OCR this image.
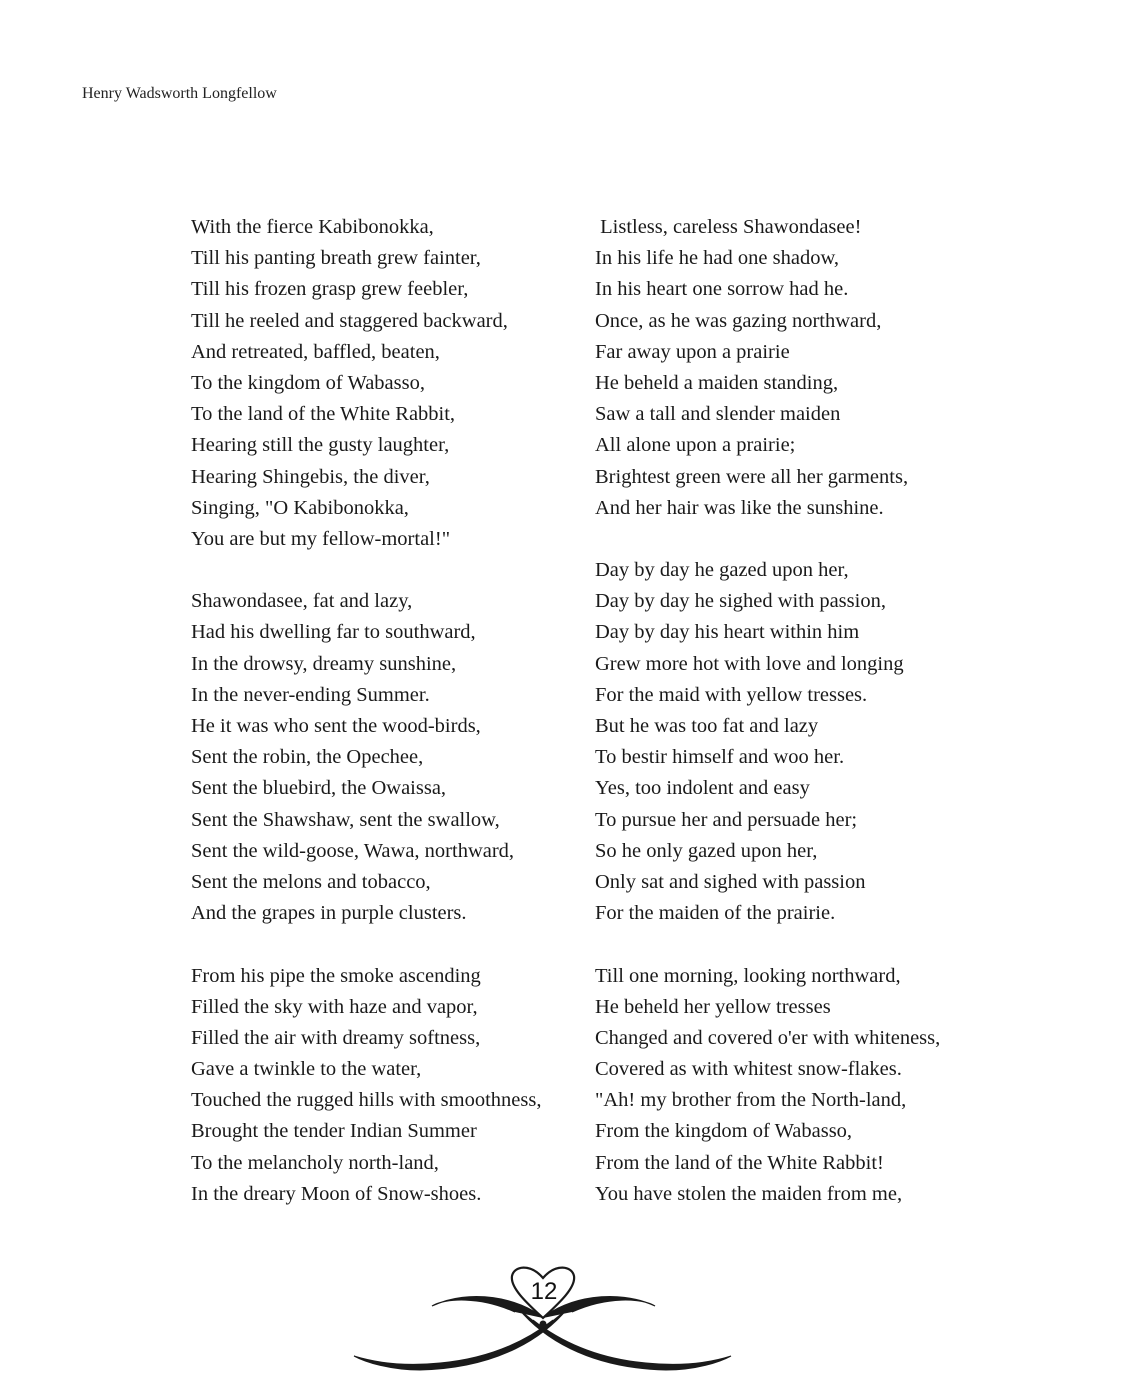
Henry Wadsworth Longfellow
With the fierce Kabibonokka,
Till his panting breath grew fainter,
Till his frozen grasp grew feebler,
Till he reeled and staggered backward,
And retreated, baffled, beaten,
To the kingdom of Wabasso,
To the land of the White Rabbit,
Hearing still the gusty laughter,
Hearing Shingebis, the diver,
Singing, "O Kabibonokka,
You are but my fellow-mortal!"
Shawondasee, fat and lazy,
Had his dwelling far to southward,
In the drowsy, dreamy sunshine,
In the never-ending Summer.
He it was who sent the wood-birds,
Sent the robin, the Opechee,
Sent the bluebird, the Owaissa,
Sent the Shawshaw, sent the swallow,
Sent the wild-goose, Wawa, northward,
Sent the melons and tobacco,
And the grapes in purple clusters.
From his pipe the smoke ascending
Filled the sky with haze and vapor,
Filled the air with dreamy softness,
Gave a twinkle to the water,
Touched the rugged hills with smoothness,
Brought the tender Indian Summer
To the melancholy north-land,
In the dreary Moon of Snow-shoes.
Listless, careless Shawondasee!
In his life he had one shadow,
In his heart one sorrow had he.
Once, as he was gazing northward,
Far away upon a prairie
He beheld a maiden standing,
Saw a tall and slender maiden
All alone upon a prairie;
Brightest green were all her garments,
And her hair was like the sunshine.
Day by day he gazed upon her,
Day by day he sighed with passion,
Day by day his heart within him
Grew more hot with love and longing
For the maid with yellow tresses.
But he was too fat and lazy
To bestir himself and woo her.
Yes, too indolent and easy
To pursue her and persuade her;
So he only gazed upon her,
Only sat and sighed with passion
For the maiden of the prairie.
Till one morning, looking northward,
He beheld her yellow tresses
Changed and covered o'er with whiteness,
Covered as with whitest snow-flakes.
"Ah! my brother from the North-land,
From the kingdom of Wabasso,
From the land of the White Rabbit!
You have stolen the maiden from me,
12
